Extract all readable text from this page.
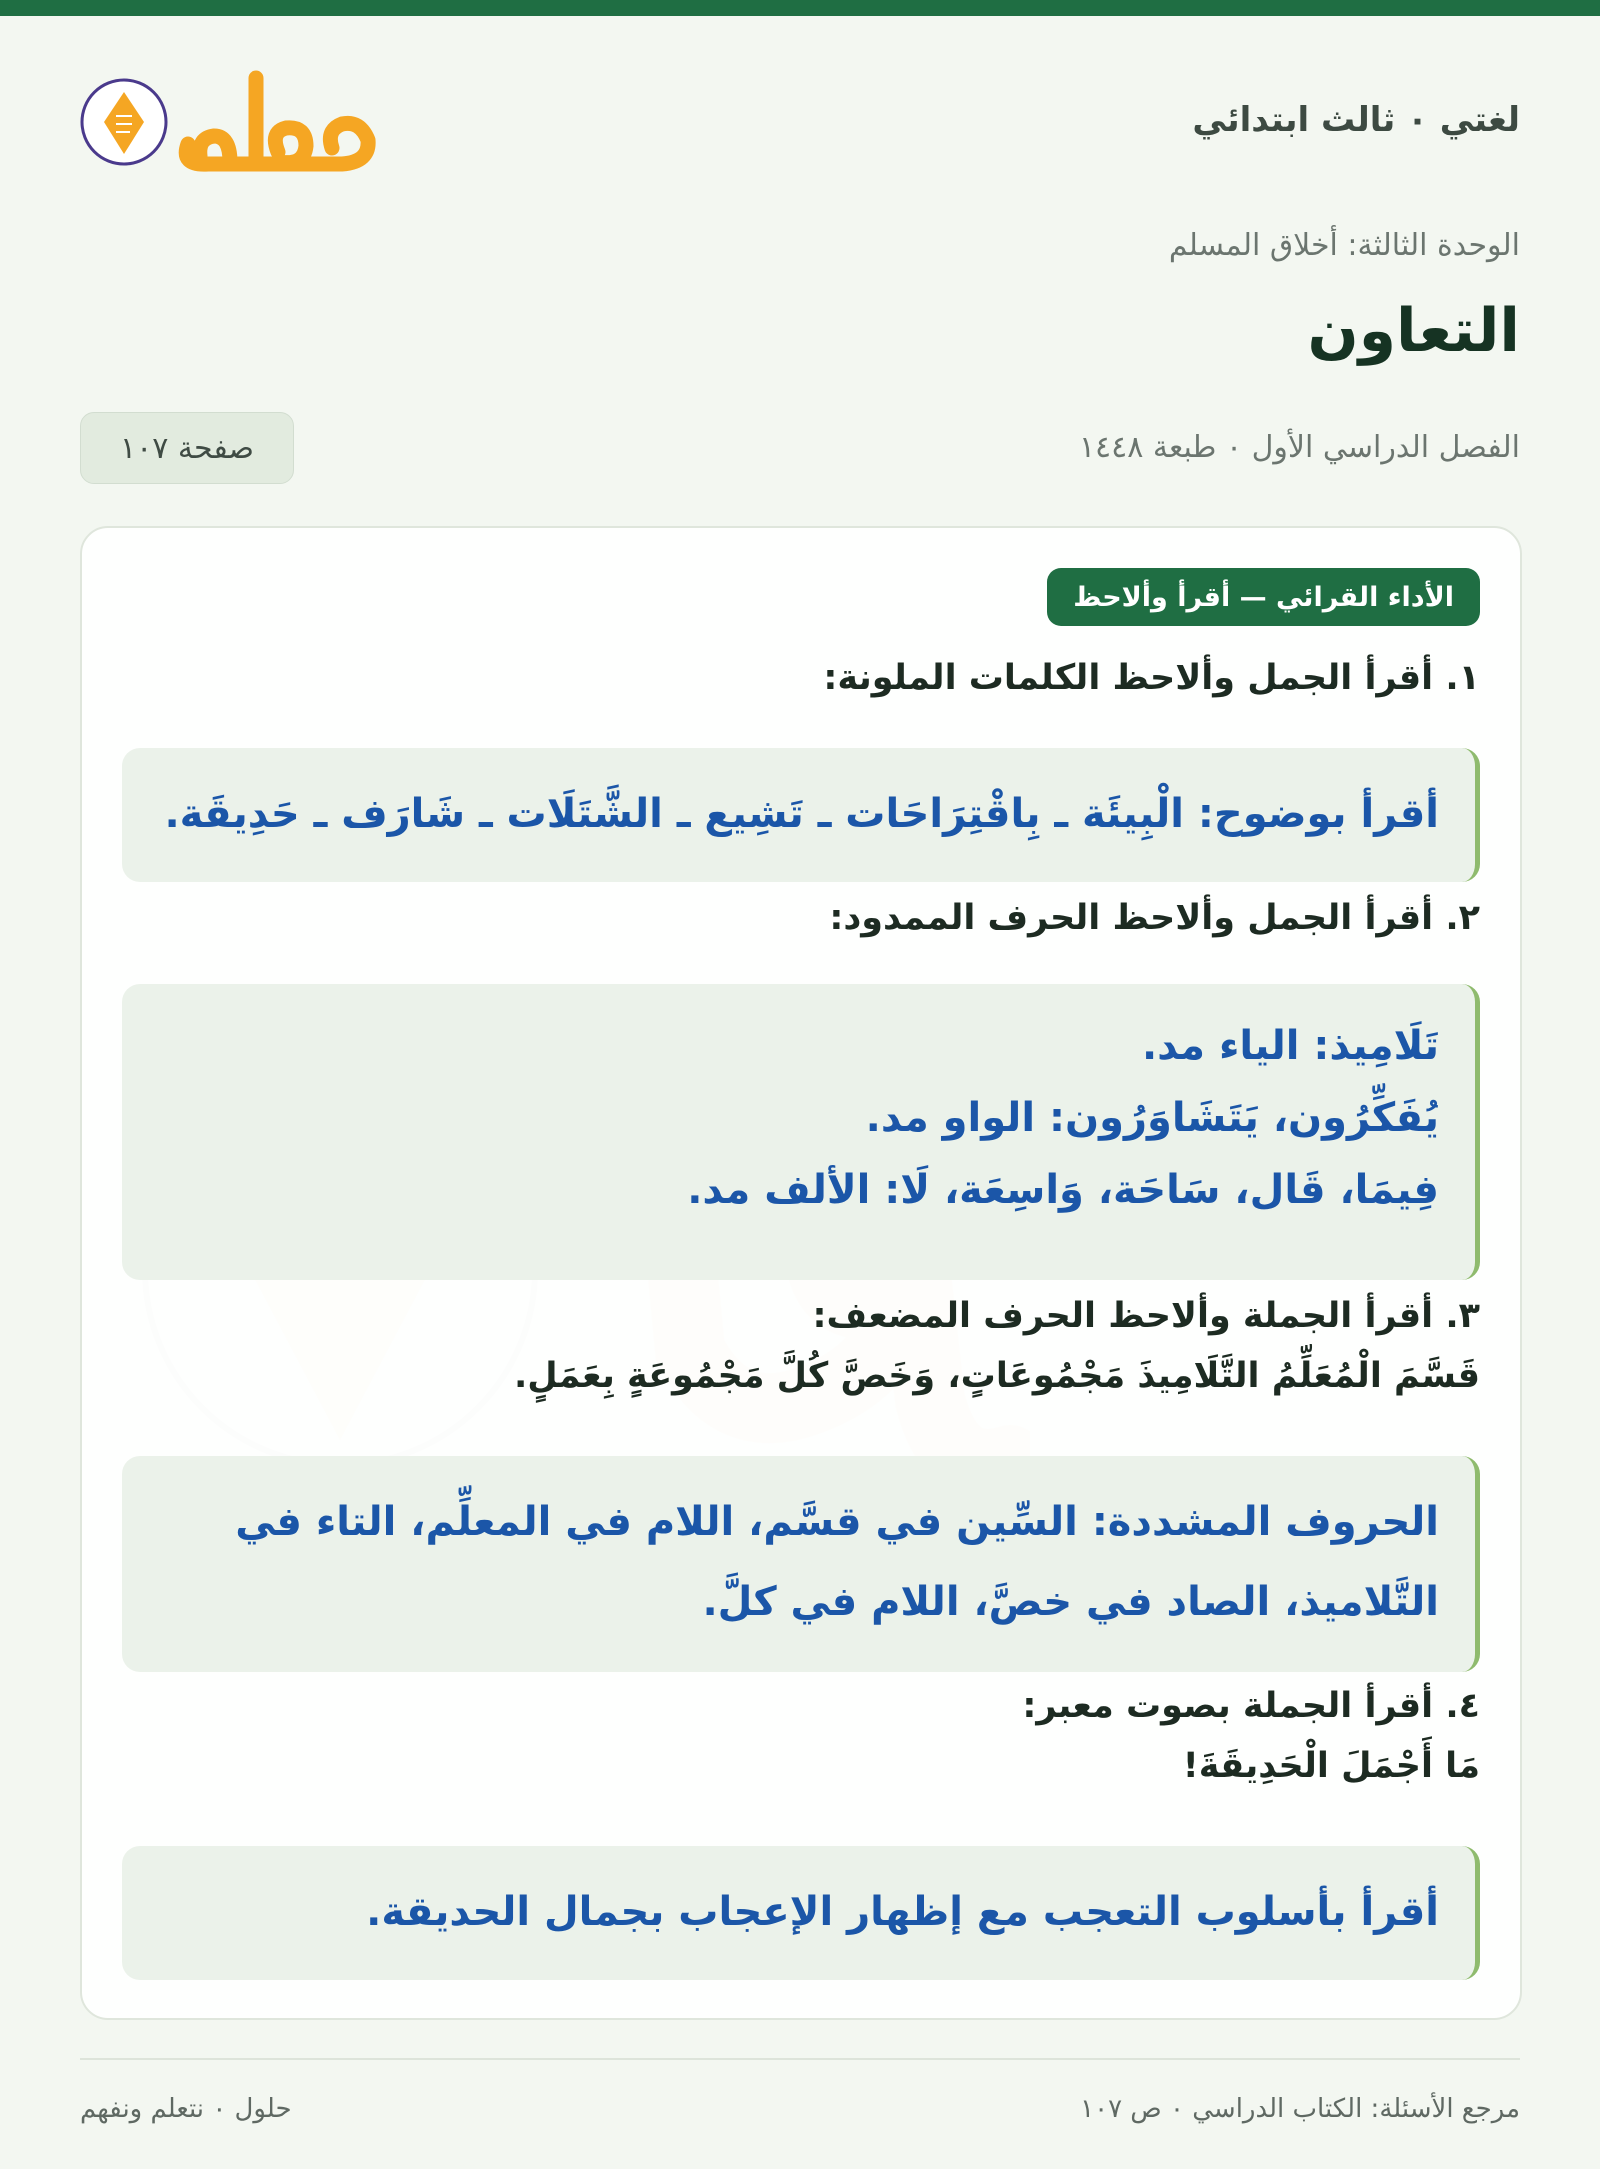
لغتي ٠ ثالث ابتدائي
الوحدة الثالثة: أخلاق المسلم
التعاون
الفصل الدراسي الأول ٠ طبعة ١٤٤٨
صفحة ١٠٧
الأداء القرائي — أقرأ وألاحظ
١. أقرأ الجمل وألاحظ الكلمات الملونة:
أقرأ بوضوح: الْبِيئَة ـ بِاقْتِرَاحَات ـ تَشِيع ـ الشَّتَلَات ـ شَارَف ـ حَدِيقَة.
٢. أقرأ الجمل وألاحظ الحرف الممدود:
تَلَامِيذ: الياء مد.
يُفَكِّرُون، يَتَشَاوَرُون: الواو مد.
فِيمَا، قَال، سَاحَة، وَاسِعَة، لَا: الألف مد.
٣. أقرأ الجملة وألاحظ الحرف المضعف:
قَسَّمَ الْمُعَلِّمُ التَّلَامِيذَ مَجْمُوعَاتٍ، وَخَصَّ كُلَّ مَجْمُوعَةٍ بِعَمَلٍ.
الحروف المشددة: السِّين في قسَّم، اللام في المعلِّم، التاء في
التَّلاميذ، الصاد في خصَّ، اللام في كلَّ.
٤. أقرأ الجملة بصوت معبر:
مَا أَجْمَلَ الْحَدِيقَةَ!
أقرأ بأسلوب التعجب مع إظهار الإعجاب بجمال الحديقة.
مرجع الأسئلة: الكتاب الدراسي ٠ ص ١٠٧
حلول ٠ نتعلم ونفهم
